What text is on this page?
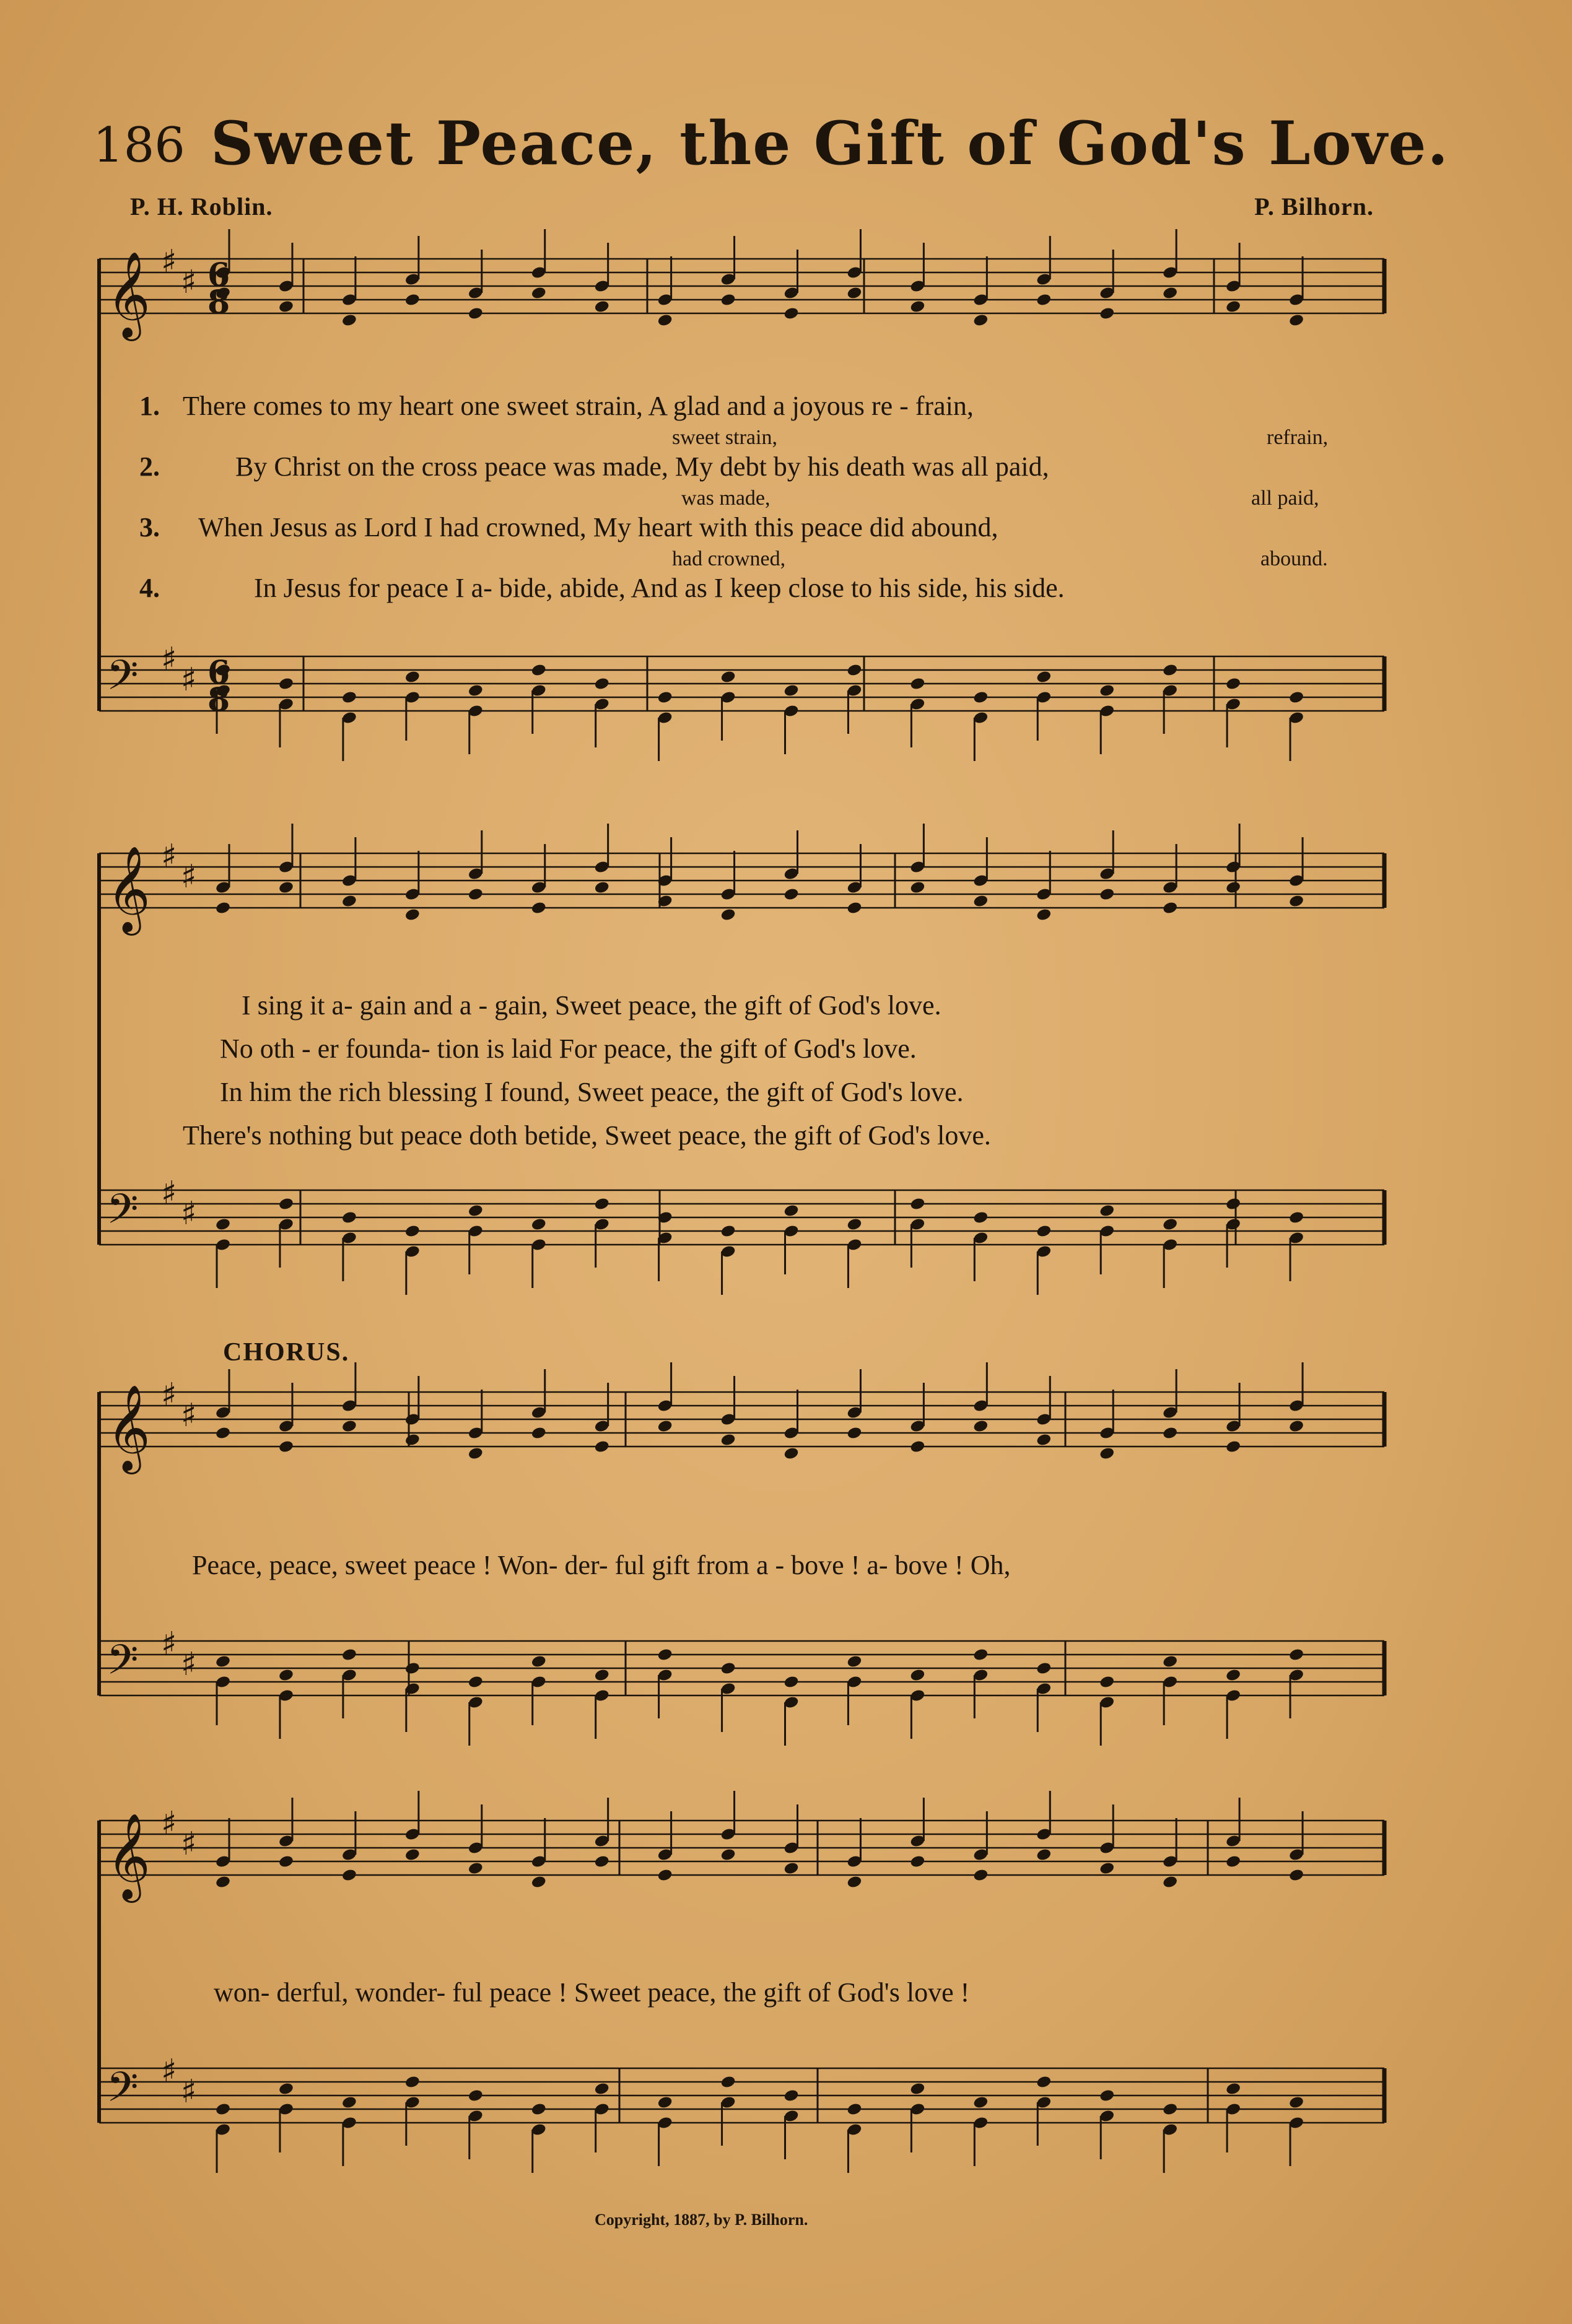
186 Sweet Peace, the Gift of God's Love.
P. H. Roblin.	P. Bilhorn.
𝄞 ♯
♯
𝄢 ♯
♯
6
8
6
8
𝄞 ♯
♯
𝄢 ♯
♯
𝄞 ♯
♯
𝄢 ♯
♯
𝄞 ♯
♯
𝄢 ♯
♯
1. There comes to my heart one sweet strain, A glad and a joyous re - frain,
sweet strain,	refrain,
2.	By Christ on the cross peace was made, My debt by his death was all paid,
was made,	all paid,
3. When Jesus as Lord I had crowned, My heart with this peace did abound,
had crowned,	abound.
4.	In Jesus for peace I a- bide, abide, And as I keep close to his side, his side.
I sing it a- gain and a - gain, Sweet peace, the gift of God's love.
No oth - er founda- tion is laid For peace, the gift of God's love.
In him the rich blessing I found, Sweet peace, the gift of God's love.
There's nothing but peace doth betide, Sweet peace, the gift of God's love.
CHORUS.
Peace, peace, sweet peace ! Won- der- ful gift from a - bove ! a- bove ! Oh,
won- derful, wonder- ful peace ! Sweet peace, the gift of God's love !
Copyright, 1887, by P. Bilhorn.
